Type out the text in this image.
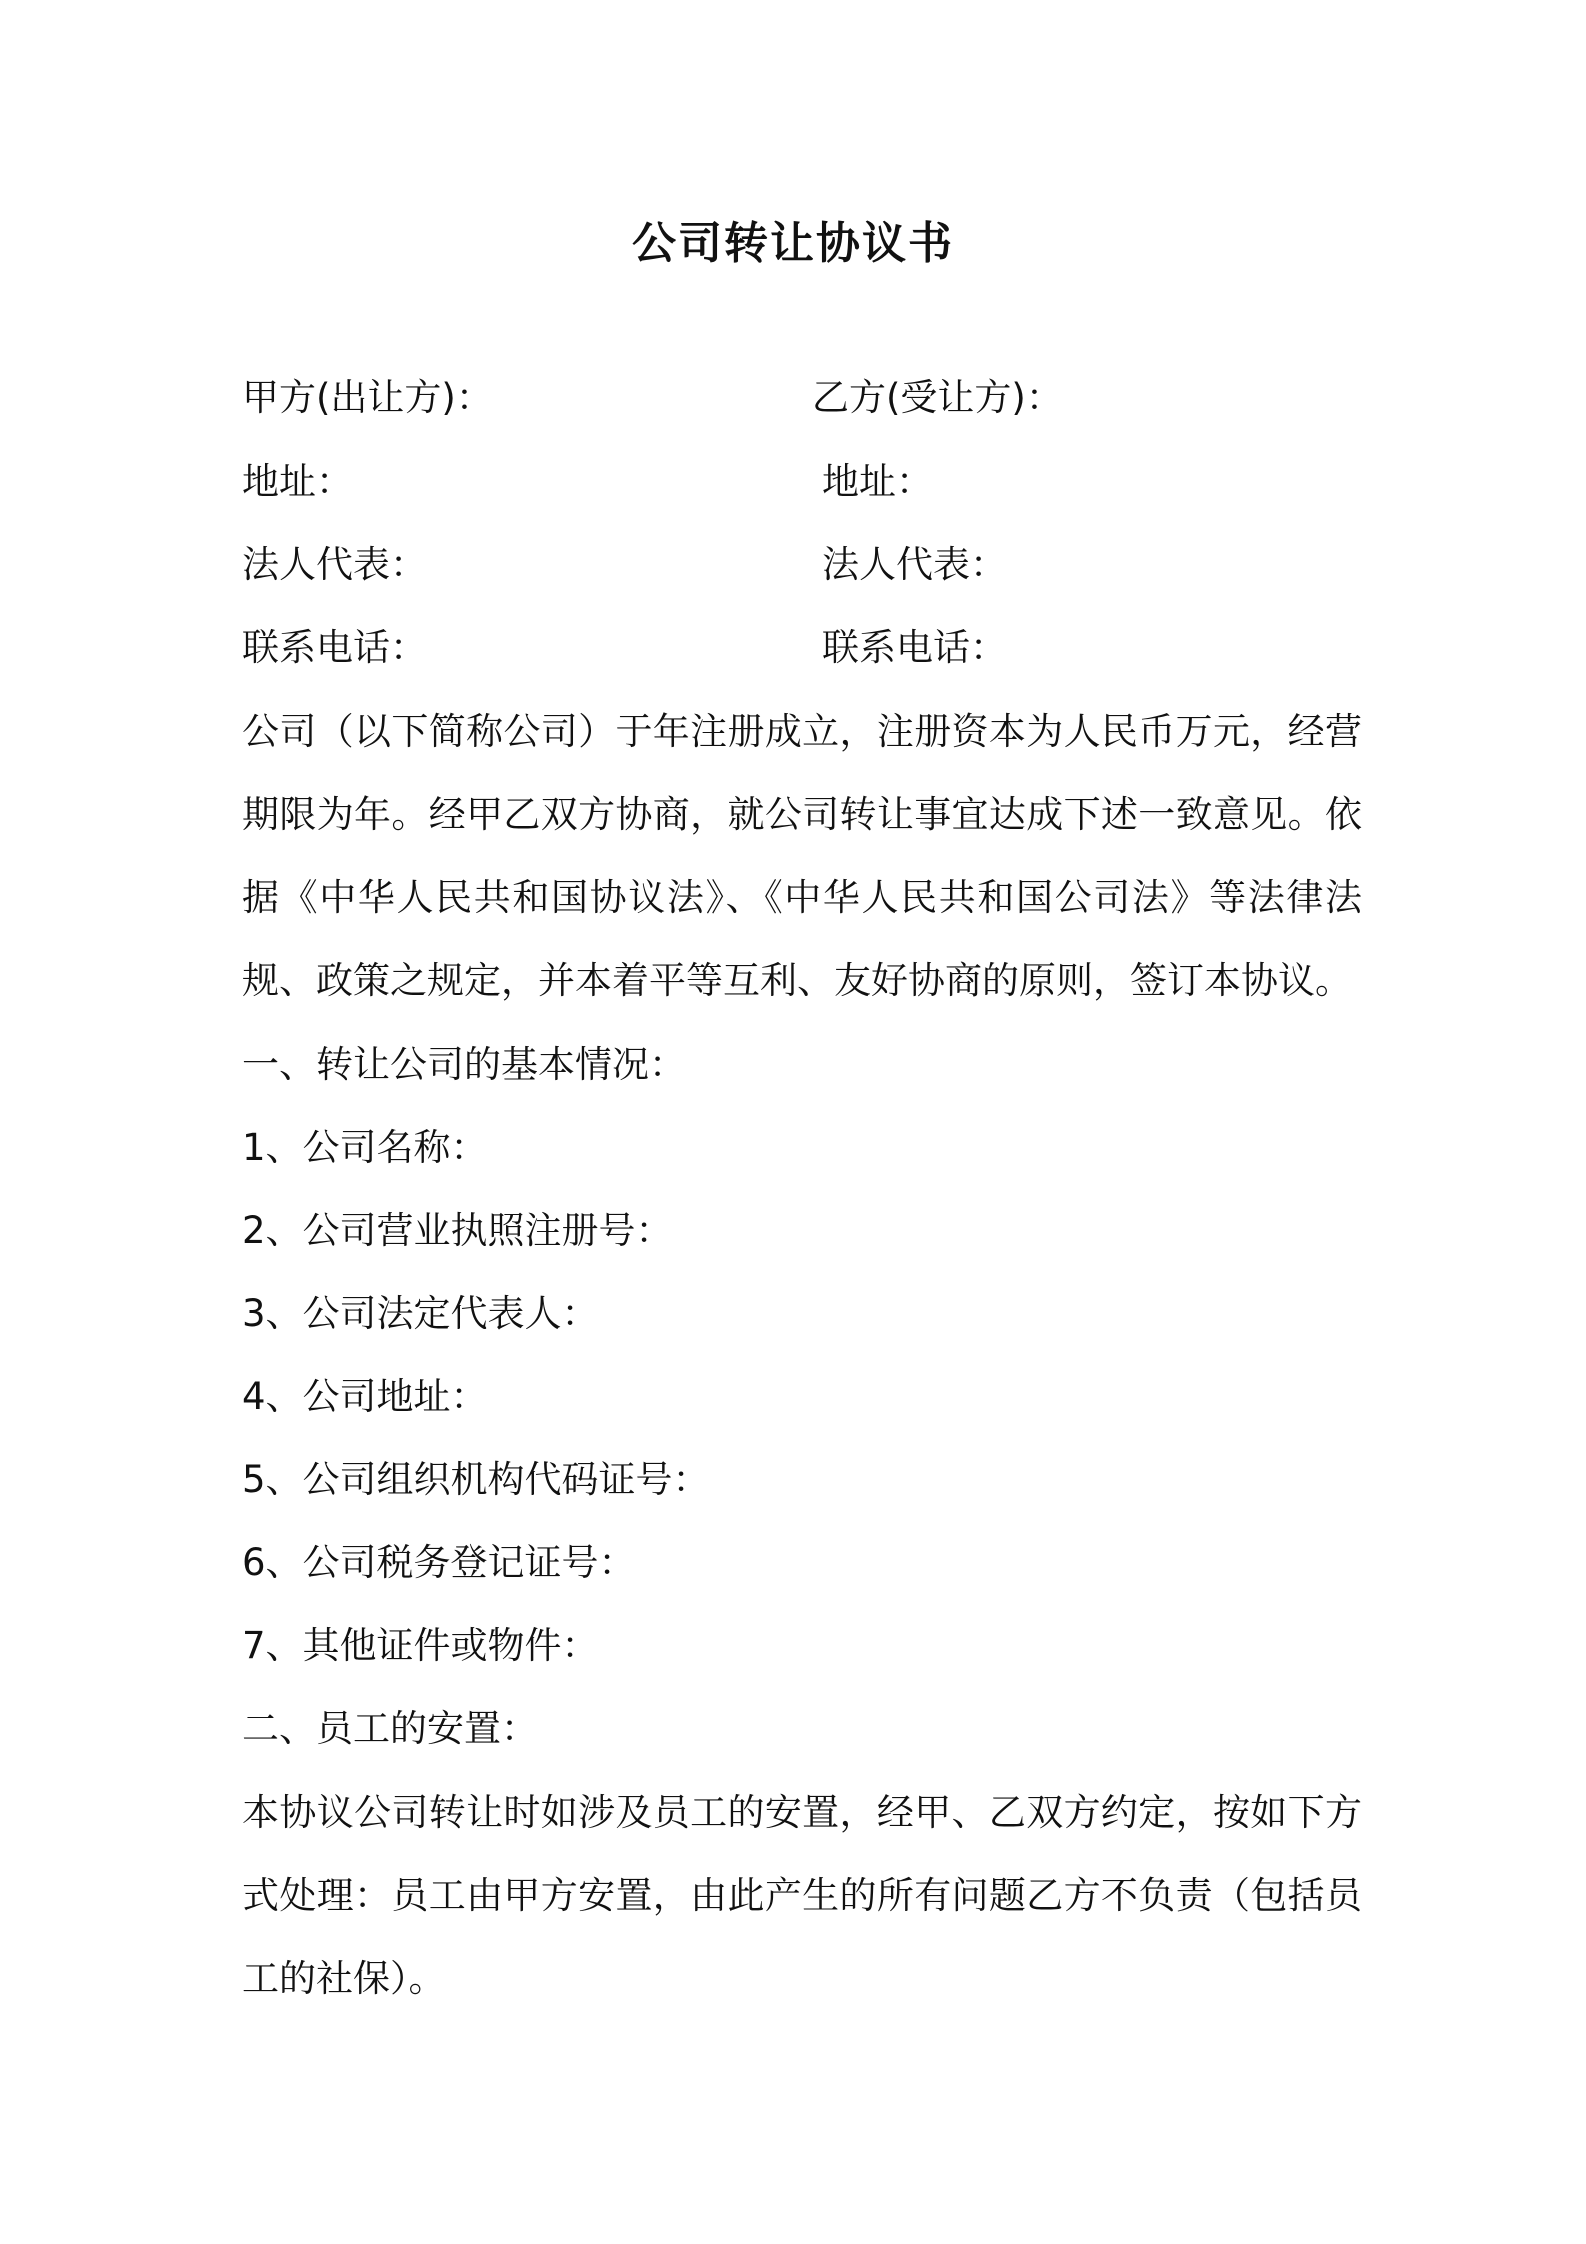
公司转让协议书
甲方(出让方)：	乙方(受让方)：
地址：	地址：
法人代表：	法人代表：
联系电话：	联系电话：
公司（以下简称公司）于年注册成立，注册资本为人民币万元，经营期限为年。经甲乙双方协商，就公司转让事宜达成下述一致意见。依据《中华人民共和国协议法》、《中华人民共和国公司法》等法律法规、政策之规定，并本着平等互利、友好协商的原则，签订本协议。
一、转让公司的基本情况：
1、公司名称：
2、公司营业执照注册号：
3、公司法定代表人：
4、公司地址：
5、公司组织机构代码证号：
6、公司税务登记证号：
7、其他证件或物件：
二、员工的安置：
本协议公司转让时如涉及员工的安置，经甲、乙双方约定，按如下方式处理：员工由甲方安置，由此产生的所有问题乙方不负责（包括员工的社保）。
